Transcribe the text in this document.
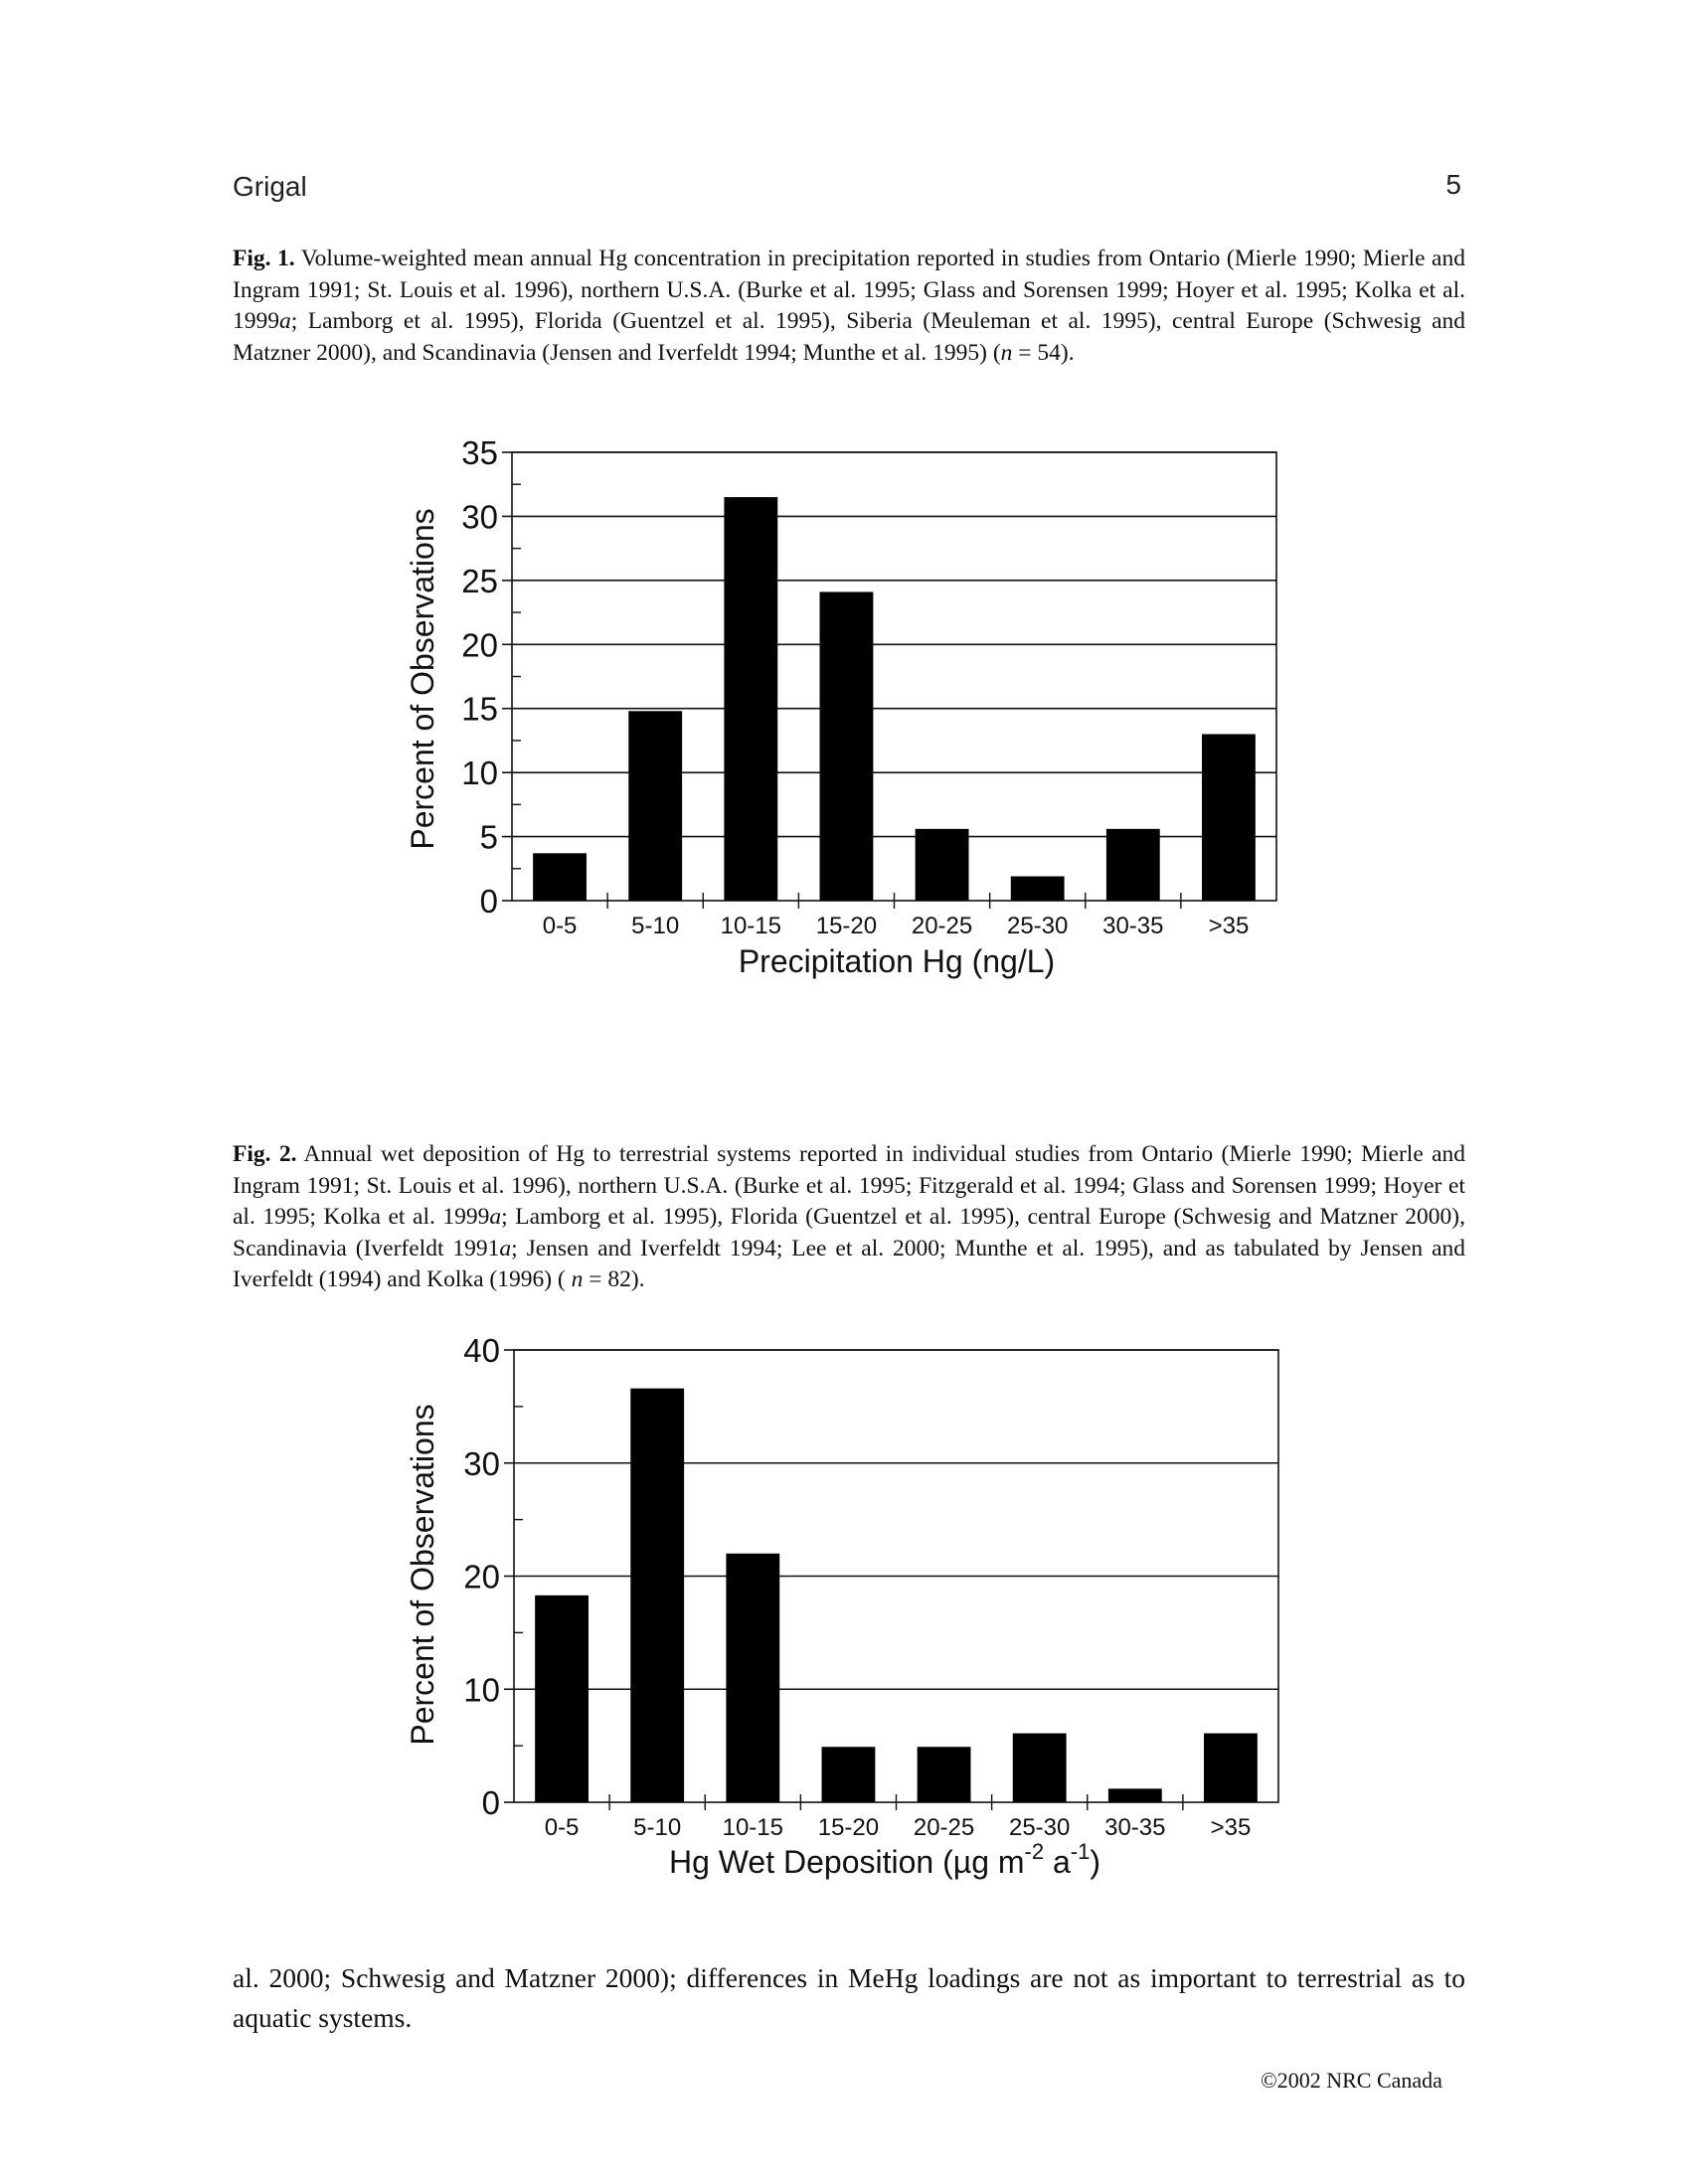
Grigal	5
Fig. 1. Volume-weighted mean annual Hg concentration in precipitation reported in studies from Ontario (Mierle 1990; Mierle and Ingram 1991; St. Louis et al. 1996), northern U.S.A. (Burke et al. 1995; Glass and Sorensen 1999; Hoyer et al. 1995; Kolka et al. 1999a; Lamborg et al. 1995), Florida (Guentzel et al. 1995), Siberia (Meuleman et al. 1995), central Europe (Schwesig and Matzner 2000), and Scandinavia (Jensen and Iverfeldt 1994; Munthe et al. 1995) (n = 54).
Percent of Observations
Precipitation Hg (ng/L)
0
5
10
15
20
25
30
35
0-5 5-10 10-15 15-20 20-25 25-30 30-35 >35
Fig. 2. Annual wet deposition of Hg to terrestrial systems reported in individual studies from Ontario (Mierle 1990; Mierle and Ingram 1991; St. Louis et al. 1996), northern U.S.A. (Burke et al. 1995; Fitzgerald et al. 1994; Glass and Sorensen 1999; Hoyer et al. 1995; Kolka et al. 1999a; Lamborg et al. 1995), Florida (Guentzel et al. 1995), central Europe (Schwesig and Matzner 2000), Scandinavia (Iverfeldt 1991a; Jensen and Iverfeldt 1994; Lee et al. 2000; Munthe et al. 1995), and as tabulated by Jensen and Iverfeldt (1994) and Kolka (1996) ( n = 82).
Percent of Observations
Hg Wet Deposition (µg $m^{-2}$ $a^{-1}$)
0
10
20
30
40
0-5 5-10 10-15 15-20 20-25 25-30 30-35 >35
al. 2000; Schwesig and Matzner 2000); differences in MeHg loadings are not as important to terrestrial as to aquatic systems.
©2002 NRC Canada
